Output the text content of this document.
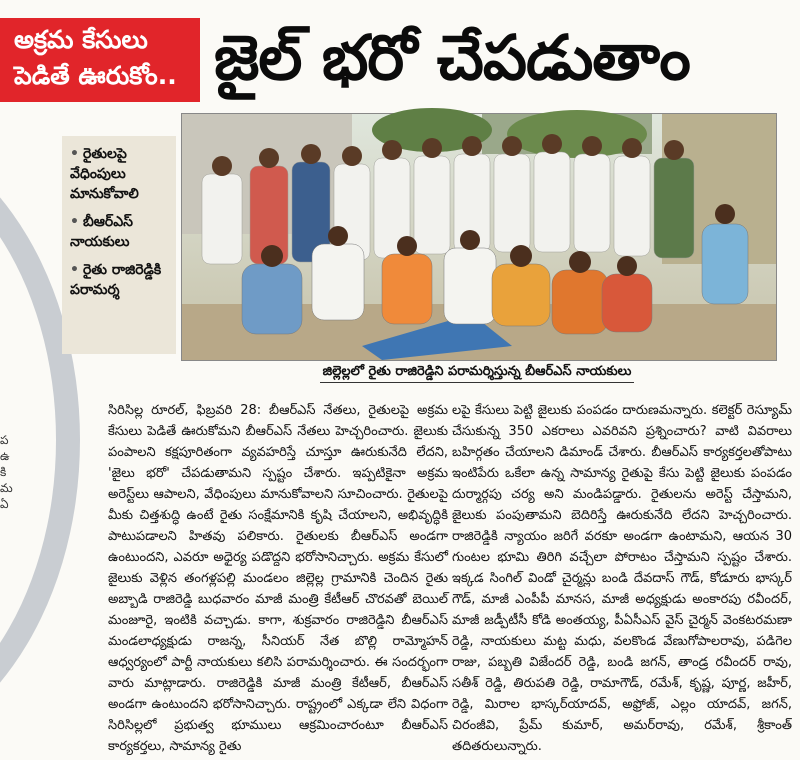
ప
ఉ
కి
మ
ఏ
అక్రమ కేసులు
పెడితే ఊరుకోం.. జైల్ భరో చేపడుతాం
• రైతులపై వేధింపులు మానుకోవాలి
• బీఆర్ఎస్ నాయకులు
• రైతు రాజిరెడ్డికి పరామర్శ
జిల్లెల్లలో రైతు రాజిరెడ్డిని పరామర్శిస్తున్న బీఆర్ఎస్ నాయకులు
సిరిసిల్ల రూరల్, ఫిబ్రవరి 28: బీఆర్ఎస్ నేతలు, రైతులపై అక్రమ కేసులు పెడితే ఊరుకోమని బీఆర్ఎస్ నేతలు హెచ్చరించారు. జైలుకు పంపాలని కక్షపూరితంగా వ్యవహరిస్తే చూస్తూ ఊరుకునేది లేదని, 'జైలు భరో' చేపడుతామని స్పష్టం చేశారు. ఇప్పటికైనా అక్రమ అరెస్ట్‌లు ఆపాలని, వేధింపులు మానుకోవాలని సూచించారు. రైతులపై మీకు చిత్తశుద్ధి ఉంటే రైతు సంక్షేమానికి కృషి చేయాలని, అభివృద్ధికి పాటుపడాలని హితవు పలికారు. రైతులకు బీఆర్ఎస్ అండగా ఉంటుందని, ఎవరూ అధైర్య పడొద్దని భరోసానిచ్చారు. అక్రమ కేసులో జైలుకు వెళ్లిన తంగళ్లపల్లి మండలం జిల్లెల్ల గ్రామానికి చెందిన రైతు అబ్బాడి రాజిరెడ్డి బుధవారం మాజీ మంత్రి కేటీఆర్ చొరవతో బెయిల్ మంజూరై, ఇంటికి వచ్చాడు. కాగా, శుక్రవారం రాజిరెడ్డిని బీఆర్ఎస్ మండలాధ్యక్షుడు రాజన్న, సీనియర్ నేత బొల్లి రామ్మోహన్ ఆధ్వర్యంలో పార్టీ నాయకులు కలిసి పరామర్శించారు. ఈ సందర్భంగా వారు మాట్లాడారు. రాజిరెడ్డికి మాజీ మంత్రి కేటీఆర్, బీఆర్ఎస్ అండగా ఉంటుందని భరోసానిచ్చారు. రాష్ట్రంలో ఎక్కడా లేని విధంగా సిరిసిల్లలో ప్రభుత్వ భూములు ఆక్రమించారంటూ బీఆర్ఎస్ కార్యకర్తలు, సామాన్య రైతు
లపై కేసులు పెట్టి జైలుకు పంపడం దారుణమన్నారు. కలెక్టర్ రెస్యూమ్ చేసుకున్న 350 ఎకరాలు ఎవరివని ప్రశ్నించారు? వాటి వివరాలు బహిర్గతం చేయాలని డిమాండ్ చేశారు. బీఆర్ఎస్ కార్యకర్తలతోపాటు ఇంటిపేరు ఒకేలా ఉన్న సామాన్య రైతుపై కేసు పెట్టి జైలుకు పంపడం దుర్మార్గపు చర్య అని మండిపడ్డారు. రైతులను అరెస్ట్ చేస్తామని, జైలుకు పంపుతామని బెదిరిస్తే ఊరుకునేది లేదని హెచ్చరించారు. రాజిరెడ్డికి న్యాయం జరిగే వరకూ అండగా ఉంటామని, ఆయన 30 గుంటల భూమి తిరిగి వచ్చేలా పోరాటం చేస్తామని స్పష్టం చేశారు. ఇక్కడ సింగిల్ విండో చైర్మన్లు బండి దేవదాస్ గౌడ్, కోడూరు భాస్కర్ గౌడ్, మాజీ ఎంపీపీ మానస, మాజీ అధ్యక్షుడు అంకారపు రవీందర్, మాజీ జడ్పీటీసీ కోడి అంతయ్య, పీఏసీఎస్ వైస్ చైర్మన్ వెంకటరమణా రెడ్డి, నాయకులు మట్ట మధు, వలకొండ వేణుగోపాలరావు, పడిగెల రాజు, పబ్బతి విజేందర్ రెడ్డి, బండి జగన్, తాండ్ర రవీందర్ రావు, సతీశ్ రెడ్డి, తిరుపతి రెడ్డి, రామాగౌడ్, రమేశ్, కృష్ణ, పూర్ణ, జహీర్, రెడ్డి, మిరాల భాస్కర్‌యాదవ్, అఫ్రోజ్, ఎల్లం యాదవ్, జగన్, చిరంజీవి, ప్రేమ్ కుమార్, అమర్‌రావు, రమేశ్, శ్రీకాంత్ తదితరులున్నారు.
